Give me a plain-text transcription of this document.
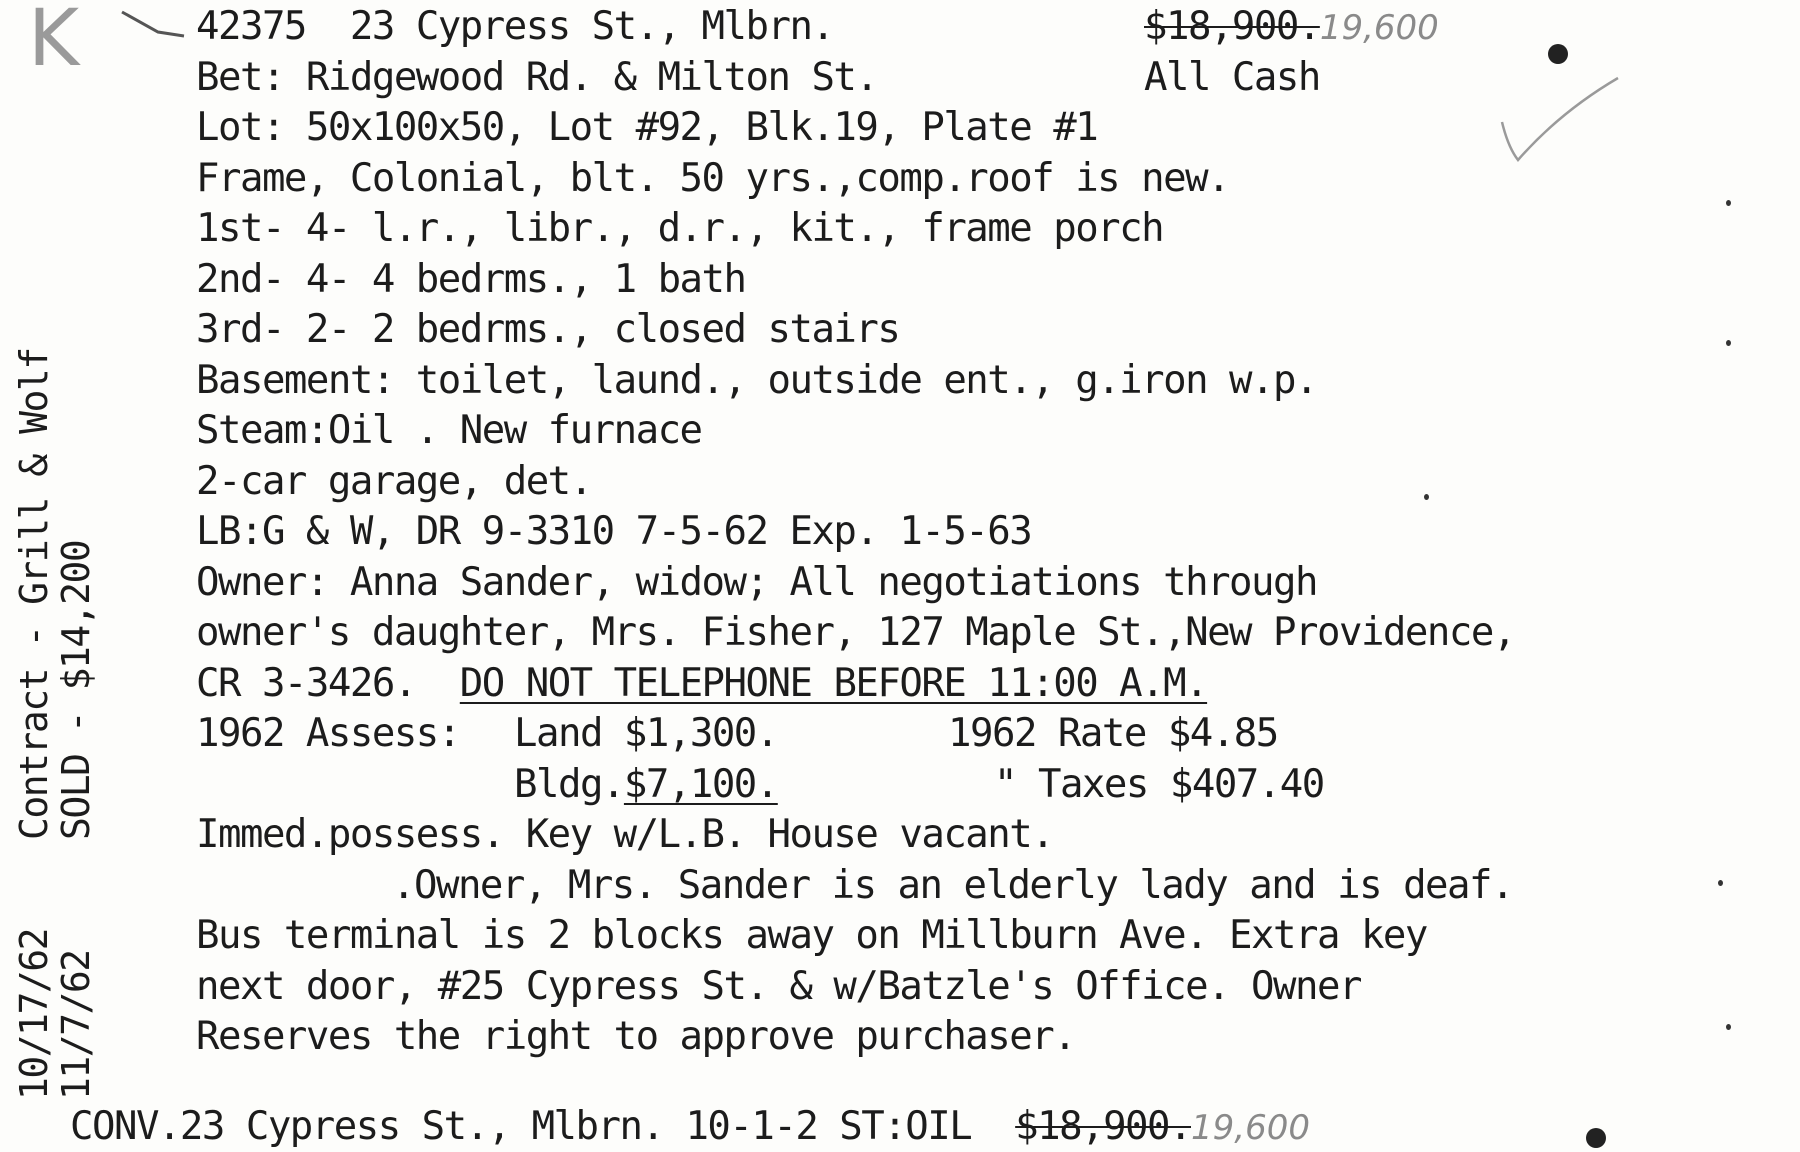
K	42375 23 Cypress St., Mlbrn.	$18,900.19,600
Bet: Ridgewood Rd. & Milton St.	All Cash
Lot: 50x100x50, Lot #92, Blk.19, Plate #1
Frame, Colonial, blt. 50 yrs.,comp.roof is new.
1st- 4- l.r., libr., d.r., kit., frame porch
2nd- 4- 4 bedrms., 1 bath
3rd- 2- 2 bedrms., closed stairs
Basement: toilet, laund., outside ent., g.iron w.p.
Steam:Oil . New furnace
2-car garage, det.
LB:G & W, DR 9-3310 7-5-62 Exp. 1-5-63
Owner: Anna Sander, widow; All negotiations through
owner's daughter, Mrs. Fisher, 127 Maple St.,New Providence,
CR 3-3426. DO NOT TELEPHONE BEFORE 11:00 A.M.
1962 Assess: Land $1,300.	1962 Rate $4.85
Bldg.$7,100.	" Taxes $407.40
Immed.possess. Key w/L.B. House vacant.
.Owner, Mrs. Sander is an elderly lady and is deaf.
Bus terminal is 2 blocks away on Millburn Ave. Extra key
next door, #25 Cypress St. & w/Batzle's Office. Owner
Reserves the right to approve purchaser.
Contract - Grill & Wolf
SOLD - $14,200
10/17/62
11/7/62
CONV.23 Cypress St., Mlbrn. 10-1-2 ST:OIL $18,900.19,600
